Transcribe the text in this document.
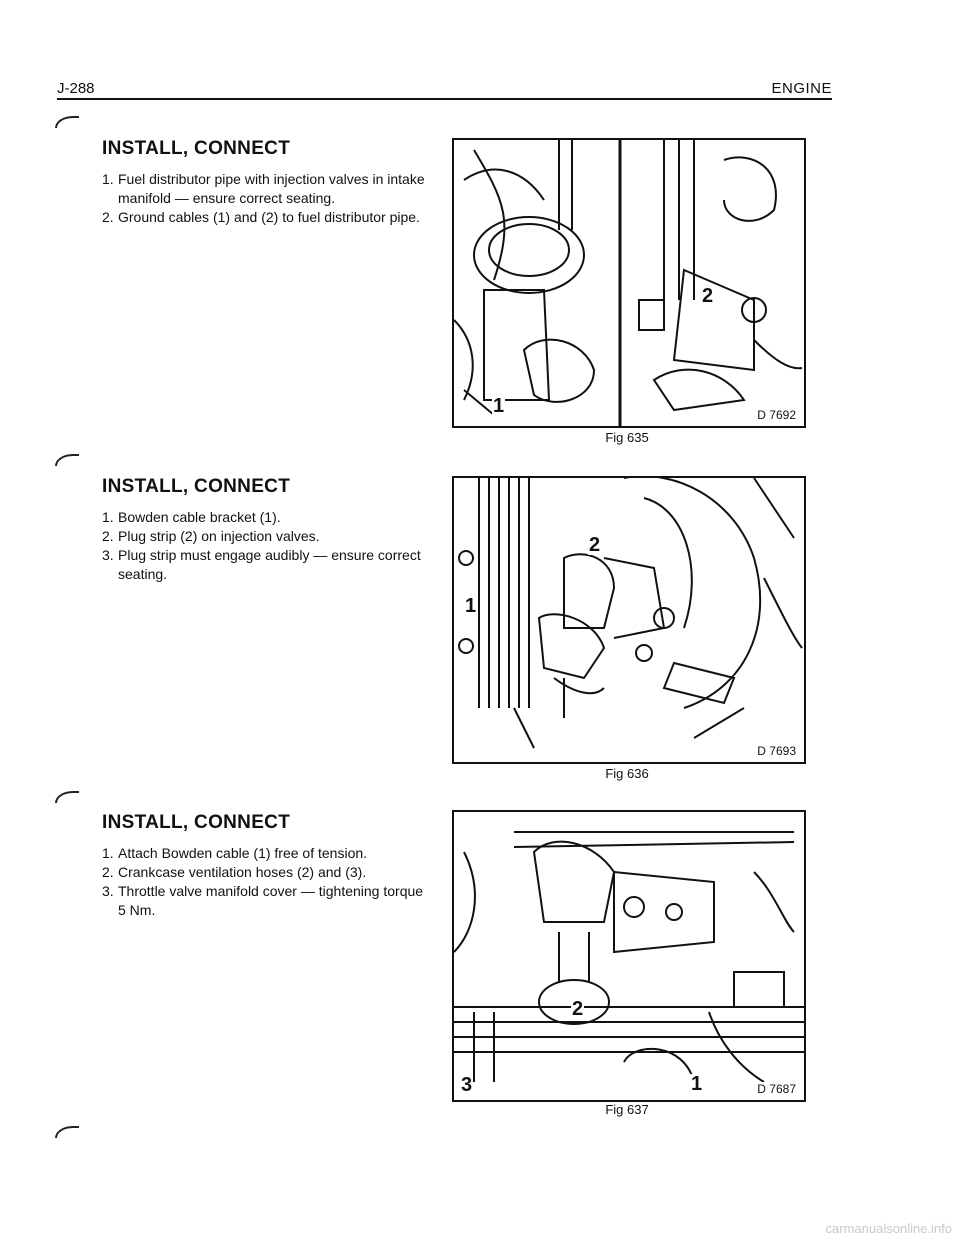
J-288	ENGINE
INSTALL, CONNECT
1. Fuel distributor pipe with injection valves in intake manifold — ensure correct seating.
2. Ground cables (1) and (2) to fuel distributor pipe.
1
2
D 7692
Fig 635
INSTALL, CONNECT
1. Bowden cable bracket (1).
2. Plug strip (2) on injection valves.
3. Plug strip must engage audibly — ensure correct seating.
2
1
D 7693
Fig 636
INSTALL, CONNECT
1. Attach Bowden cable (1) free of tension.
2. Crankcase ventilation hoses (2) and (3).
3. Throttle valve manifold cover — tightening torque 5 Nm.
2
3	1	D 7687
Fig 637
carmanualsonline.info
